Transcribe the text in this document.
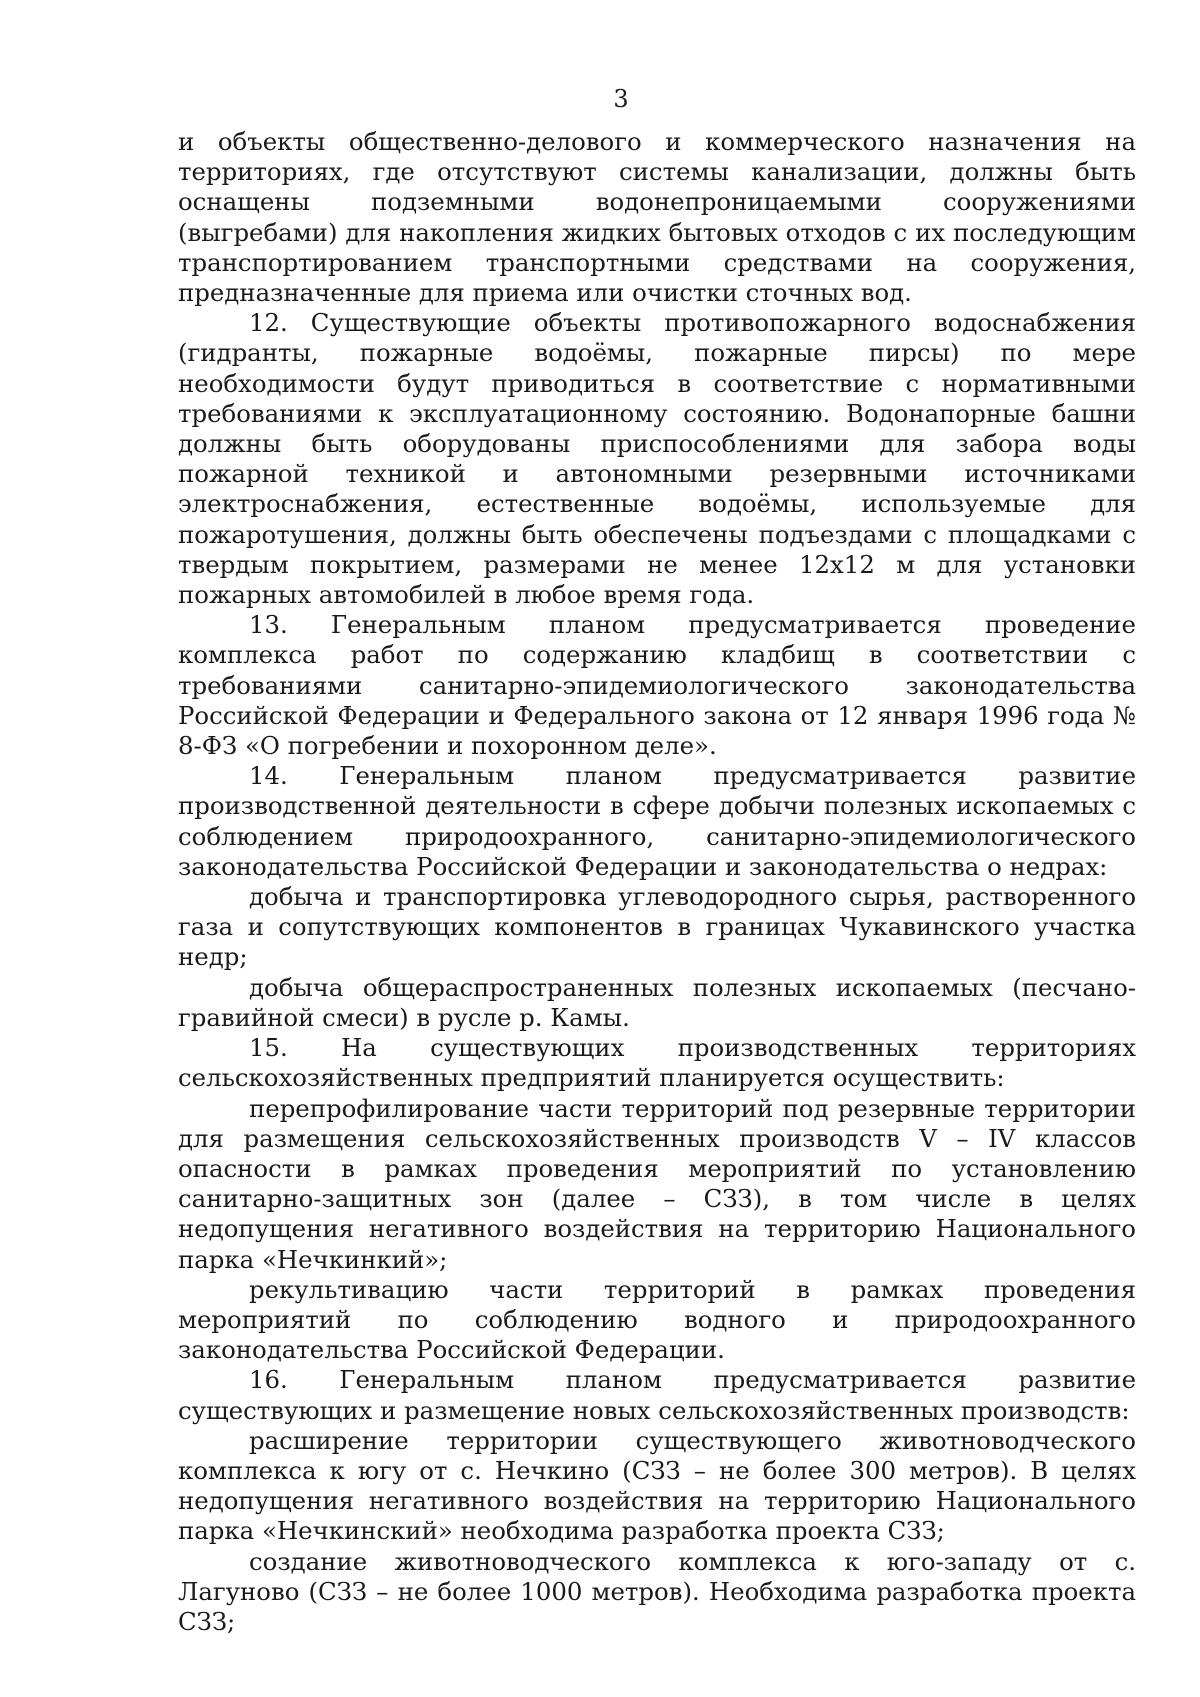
3

и объекты общественно-делового и коммерческого назначения на территориях, где отсутствуют системы канализации, должны быть оснащены подземными водонепроницаемыми сооружениями (выгребами) для накопления жидких бытовых отходов с их последующим транспортированием транспортными средствами на сооружения, предназначенные для приема или очистки сточных вод.

12. Существующие объекты противопожарного водоснабжения (гидранты, пожарные водоёмы, пожарные пирсы) по мере необходимости будут приводиться в соответствие с нормативными требованиями к эксплуатационному состоянию. Водонапорные башни должны быть оборудованы приспособлениями для забора воды пожарной техникой и автономными резервными источниками электроснабжения, естественные водоёмы, используемые для пожаротушения, должны быть обеспечены подъездами с площадками с твердым покрытием, размерами не менее 12х12 м для установки пожарных автомобилей в любое время года.

13. Генеральным планом предусматривается проведение комплекса работ по содержанию кладбищ в соответствии с требованиями санитарно-эпидемиологического законодательства Российской Федерации и Федерального закона от 12 января 1996 года № 8-ФЗ «О погребении и похоронном деле».

14. Генеральным планом предусматривается развитие производственной деятельности в сфере добычи полезных ископаемых с соблюдением природоохранного, санитарно-эпидемиологического законодательства Российской Федерации и законодательства о недрах:

добыча и транспортировка углеводородного сырья, растворенного газа и сопутствующих компонентов в границах Чукавинского участка недр;

добыча общераспространенных полезных ископаемых (песчано-гравийной смеси) в русле р. Камы.

15. На существующих производственных территориях сельскохозяйственных предприятий планируется осуществить:

перепрофилирование части территорий под резервные территории для размещения сельскохозяйственных производств V – IV классов опасности в рамках проведения мероприятий по установлению санитарно-защитных зон (далее – СЗЗ), в том числе в целях недопущения негативного воздействия на территорию Национального парка «Нечкинкий»;

рекультивацию части территорий в рамках проведения мероприятий по соблюдению водного и природоохранного законодательства Российской Федерации.

16. Генеральным планом предусматривается развитие существующих и размещение новых сельскохозяйственных производств:

расширение территории существующего животноводческого комплекса к югу от с. Нечкино (СЗЗ – не более 300 метров). В целях недопущения негативного воздействия на территорию Национального парка «Нечкинский» необходима разработка проекта СЗЗ;

создание животноводческого комплекса к юго-западу от с. Лагуново (СЗЗ – не более 1000 метров). Необходима разработка проекта СЗЗ;
